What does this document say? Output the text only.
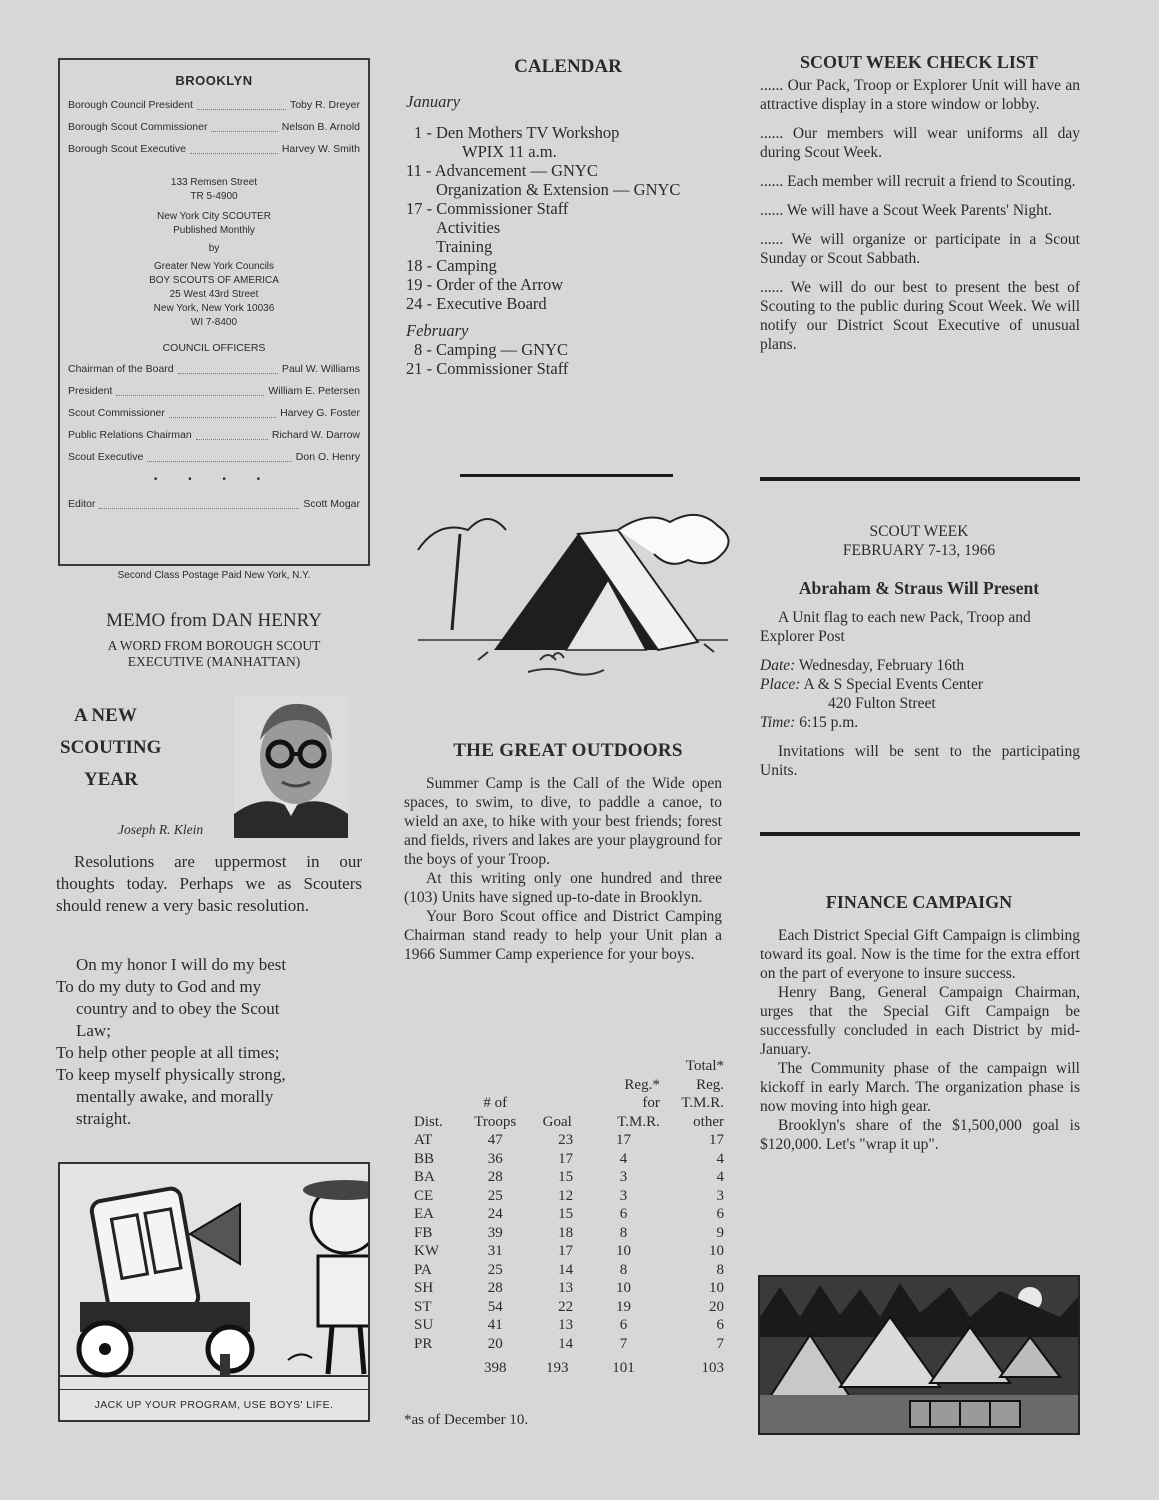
BROOKLYN
Borough Council President	Toby R. Dreyer
Borough Scout Commissioner	Nelson B. Arnold
Borough Scout Executive	Harvey W. Smith
133 Remsen Street
TR 5-4900
New York City SCOUTER
Published Monthly
by
Greater New York Councils
BOY SCOUTS OF AMERICA
25 West 43rd Street
New York, New York 10036
WI 7-8400
COUNCIL OFFICERS
Chairman of the Board	Paul W. Williams
President	William E. Petersen
Scout Commissioner	Harvey G. Foster
Public Relations Chairman	Richard W. Darrow
Scout Executive	Don O. Henry
• • • •
Editor	Scott Mogar
Second Class Postage Paid New York, N.Y.
MEMO from DAN HENRY
A WORD FROM BOROUGH SCOUT
EXECUTIVE (MANHATTAN)
A NEW
SCOUTING
YEAR
Joseph R. Klein
Resolutions are uppermost in our thoughts today. Perhaps we as Scouters should renew a very basic resolution.
On my honor I will do my best
To do my duty to God and my
country and to obey the Scout
Law;
To help other people at all times;
To keep myself physically strong,
mentally awake, and morally
straight.
JACK UP YOUR PROGRAM, USE BOYS' LIFE.
CALENDAR
January
1 - Den Mothers TV Workshop
WPIX 11 a.m.
11 - Advancement — GNYC
Organization & Extension — GNYC
17 - Commissioner Staff
Activities
Training
18 - Camping
19 - Order of the Arrow
24 - Executive Board
February
8 - Camping — GNYC
21 - Commissioner Staff
THE GREAT OUTDOORS
Summer Camp is the Call of the Wide open spaces, to swim, to dive, to paddle a canoe, to wield an axe, to hike with your best friends; forest and fields, rivers and lakes are your playground for the boys of your Troop.
At this writing only one hundred and three (103) Units have signed up-to-date in Brooklyn.
Your Boro Scout office and District Camping Chairman stand ready to help your Unit plan a 1966 Summer Camp experience for your boys.
				Total*
			Reg.*	Reg.
	# of		for	T.M.R.
Dist.	Troops	Goal	T.M.R.	other
AT	47	23	17	17
BB	36	17	4	4
BA	28	15	3	4
CE	25	12	3	3
EA	24	15	6	6
FB	39	18	8	9
KW	31	17	10	10
PA	25	14	8	8
SH	28	13	10	10
ST	54	22	19	20
SU	41	13	6	6
PR	20	14	7	7
	398	193	101	103
*as of December 10.
SCOUT WEEK CHECK LIST
...... Our Pack, Troop or Explorer Unit will have an attractive display in a store window or lobby.
...... Our members will wear uniforms all day during Scout Week.
...... Each member will recruit a friend to Scouting.
...... We will have a Scout Week Parents' Night.
...... We will organize or participate in a Scout Sunday or Scout Sabbath.
...... We will do our best to present the best of Scouting to the public during Scout Week. We will notify our District Scout Executive of unusual plans.
SCOUT WEEK
FEBRUARY 7-13, 1966
Abraham & Straus Will Present
A Unit flag to each new Pack, Troop and Explorer Post
Date: Wednesday, February 16th
Place: A & S Special Events Center
420 Fulton Street
Time: 6:15 p.m.
Invitations will be sent to the participating Units.
FINANCE CAMPAIGN
Each District Special Gift Campaign is climbing toward its goal. Now is the time for the extra effort on the part of everyone to insure success.
Henry Bang, General Campaign Chairman, urges that the Special Gift Campaign be successfully concluded in each District by mid-January.
The Community phase of the campaign will kickoff in early March. The organization phase is now moving into high gear.
Brooklyn's share of the $1,500,000 goal is $120,000. Let's "wrap it up".
